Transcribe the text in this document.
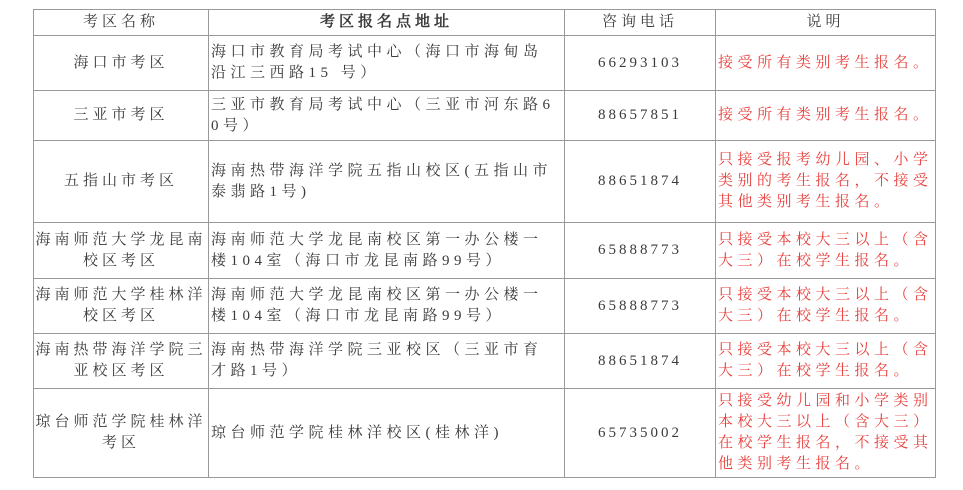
考区名称	考区报名点地址	咨询电话	说明
海口市考区	海口市教育局考试中心（海口市海甸岛沿江三西路15 号）	66293103	接受所有类别考生报名。
三亚市考区	三亚市教育局考试中心（三亚市河东路60号）	88657851	接受所有类别考生报名。
五指山市考区	海南热带海洋学院五指山校区(五指山市泰翡路1号)	88651874	只接受报考幼儿园、小学类别的考生报名，不接受其他类别考生报名。
海南师范大学龙昆南校区考区	海南师范大学龙昆南校区第一办公楼一楼104室（海口市龙昆南路99号）	65888773	只接受本校大三以上（含大三）在校学生报名。
海南师范大学桂林洋校区考区	海南师范大学龙昆南校区第一办公楼一楼104室（海口市龙昆南路99号）	65888773	只接受本校大三以上（含大三）在校学生报名。
海南热带海洋学院三亚校区考区	海南热带海洋学院三亚校区（三亚市育才路1号）	88651874	只接受本校大三以上（含大三）在校学生报名。
琼台师范学院桂林洋考区	琼台师范学院桂林洋校区(桂林洋)	65735002	只接受幼儿园和小学类别本校大三以上（含大三）在校学生报名，不接受其他类别考生报名。
